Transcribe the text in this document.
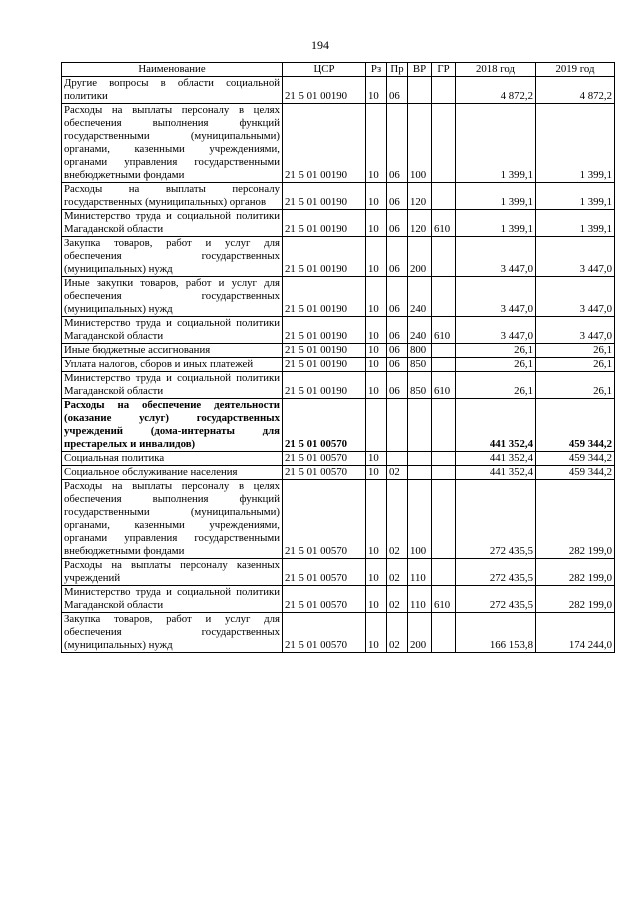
194
Наименование	ЦСР	Рз	Пр	ВР	ГР	2018 год	2019 год
Другие вопросы в области социальной политики	21 5 01 00190	10	06			4 872,2	4 872,2
Расходы на выплаты персоналу в целях обеспечения выполнения функций государственными (муниципальными) органами, казенными учреждениями, органами управления государственными внебюджетными фондами	21 5 01 00190	10	06	100		1 399,1	1 399,1
Расходы на выплаты персоналу государственных (муниципальных) органов	21 5 01 00190	10	06	120		1 399,1	1 399,1
Министерство труда и социальной политики Магаданской области	21 5 01 00190	10	06	120	610	1 399,1	1 399,1
Закупка товаров, работ и услуг для обеспечения государственных (муниципальных) нужд	21 5 01 00190	10	06	200		3 447,0	3 447,0
Иные закупки товаров, работ и услуг для обеспечения государственных (муниципальных) нужд	21 5 01 00190	10	06	240		3 447,0	3 447,0
Министерство труда и социальной политики Магаданской области	21 5 01 00190	10	06	240	610	3 447,0	3 447,0
Иные бюджетные ассигнования	21 5 01 00190	10	06	800		26,1	26,1
Уплата налогов, сборов и иных платежей	21 5 01 00190	10	06	850		26,1	26,1
Министерство труда и социальной политики Магаданской области	21 5 01 00190	10	06	850	610	26,1	26,1
Расходы на обеспечение деятельности (оказание услуг) государственных учреждений (дома-интернаты для престарелых и инвалидов)	21 5 01 00570					441 352,4	459 344,2
Социальная политика	21 5 01 00570	10				441 352,4	459 344,2
Социальное обслуживание населения	21 5 01 00570	10	02			441 352,4	459 344,2
Расходы на выплаты персоналу в целях обеспечения выполнения функций государственными (муниципальными) органами, казенными учреждениями, органами управления государственными внебюджетными фондами	21 5 01 00570	10	02	100		272 435,5	282 199,0
Расходы на выплаты персоналу казенных учреждений	21 5 01 00570	10	02	110		272 435,5	282 199,0
Министерство труда и социальной политики Магаданской области	21 5 01 00570	10	02	110	610	272 435,5	282 199,0
Закупка товаров, работ и услуг для обеспечения государственных (муниципальных) нужд	21 5 01 00570	10	02	200		166 153,8	174 244,0
